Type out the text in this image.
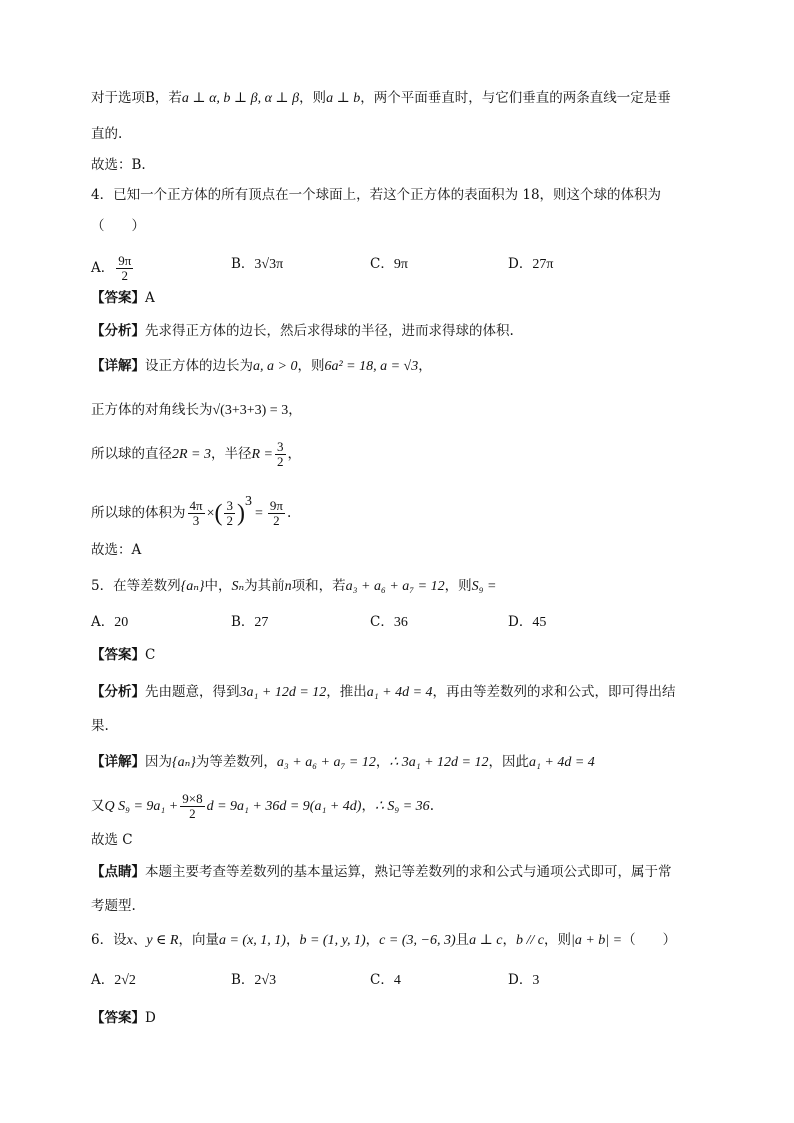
对于选项B，若a ⊥ α, b ⊥ β, α ⊥ β，则a ⊥ b，两个平面垂直时，与它们垂直的两条直线一定是垂
直的.
故选：B.
4．已知一个正方体的所有顶点在一个球面上，若这个正方体的表面积为 18，则这个球的体积为
（　　）
A． $\frac{9\pi}{2}$	B．3√3π	C．9π	D．27π
【答案】A
【分析】先求得正方体的边长，然后求得球的半径，进而求得球的体积.
【详解】设正方体的边长为a, a > 0，则6a² = 18, a = √3，
正方体的对角线长为√(3+3+3) = 3，
所以球的直径2R = 3，半径$R = \frac{3}{2}$ ，
所以球的体积为 $\frac{4\pi}{3}$ ×( $\frac{3}{2} )^3= \frac{9\pi}{2}$ .
故选：A
5．在等差数列{aₙ}中，Sₙ为其前n项和，若a₃ + a₆ + a₇ = 12，则S₉ =
A．20	B．27	C．36	D．45
【答案】C
【分析】先由题意，得到3a₁ + 12d = 12，推出a₁ + 4d = 4，再由等差数列的求和公式，即可得出结
果.
【详解】因为{aₙ}为等差数列，a₃ + a₆ + a₇ = 12，∴ 3a₁ + 12d = 12，因此a₁ + 4d = 4
又Q $S_9 = 9a_1 + \frac{9\times 8}{2}$ d = 9a₁ + 36d = 9(a₁ + 4d)，∴ S₉ = 36.
故选 C
【点睛】本题主要考查等差数列的基本量运算，熟记等差数列的求和公式与通项公式即可，属于常
考题型.
6．设x、y ∈ R，向量a = (x, 1, 1)，b = (1, y, 1)，c = (3, −6, 3)且a ⊥ c，b // c，则|a + b| =（　　）
A．2√2	B．2√3	C．4	D．3
【答案】D
